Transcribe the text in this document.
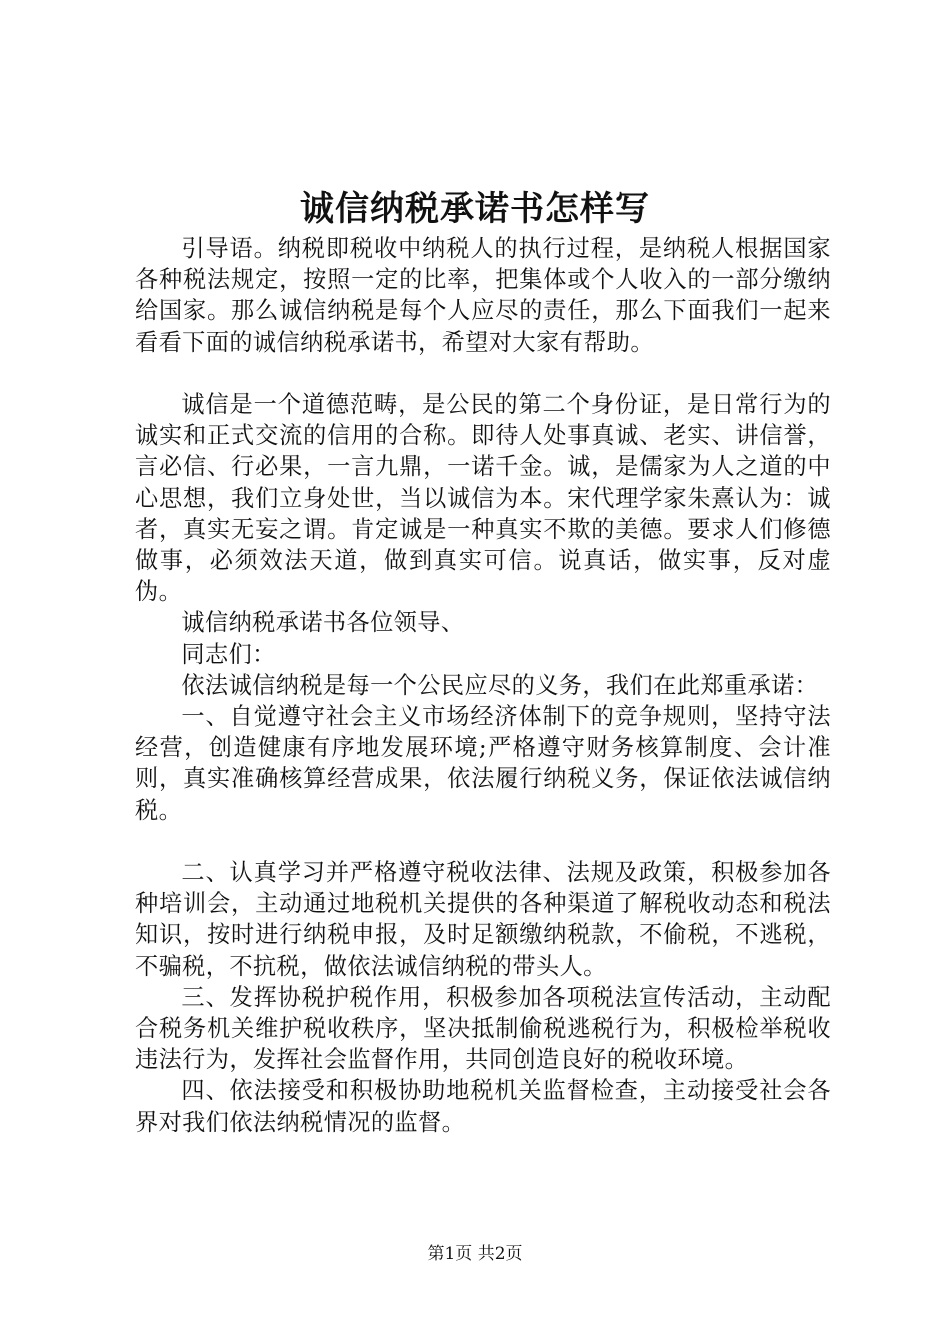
诚信纳税承诺书怎样写

引导语。纳税即税收中纳税人的执行过程，是纳税人根据国家各种税法规定，按照一定的比率，把集体或个人收入的一部分缴纳给国家。那么诚信纳税是每个人应尽的责任，那么下面我们一起来看看下面的诚信纳税承诺书，希望对大家有帮助。

诚信是一个道德范畴，是公民的第二个身份证，是日常行为的诚实和正式交流的信用的合称。即待人处事真诚、老实、讲信誉，言必信、行必果，一言九鼎，一诺千金。诚，是儒家为人之道的中心思想，我们立身处世，当以诚信为本。宋代理学家朱熹认为：诚者，真实无妄之谓。肯定诚是一种真实不欺的美德。要求人们修德做事，必须效法天道，做到真实可信。说真话，做实事，反对虚伪。

诚信纳税承诺书各位领导、

同志们：

依法诚信纳税是每一个公民应尽的义务，我们在此郑重承诺：

一、自觉遵守社会主义市场经济体制下的竞争规则，坚持守法经营，创造健康有序地发展环境;严格遵守财务核算制度、会计准则，真实准确核算经营成果，依法履行纳税义务，保证依法诚信纳税。

二、认真学习并严格遵守税收法律、法规及政策，积极参加各种培训会，主动通过地税机关提供的各种渠道了解税收动态和税法知识，按时进行纳税申报，及时足额缴纳税款，不偷税，不逃税，不骗税，不抗税，做依法诚信纳税的带头人。

三、发挥协税护税作用，积极参加各项税法宣传活动，主动配合税务机关维护税收秩序，坚决抵制偷税逃税行为，积极检举税收违法行为，发挥社会监督作用，共同创造良好的税收环境。

四、依法接受和积极协助地税机关监督检查，主动接受社会各界对我们依法纳税情况的监督。

第1页 共2页
